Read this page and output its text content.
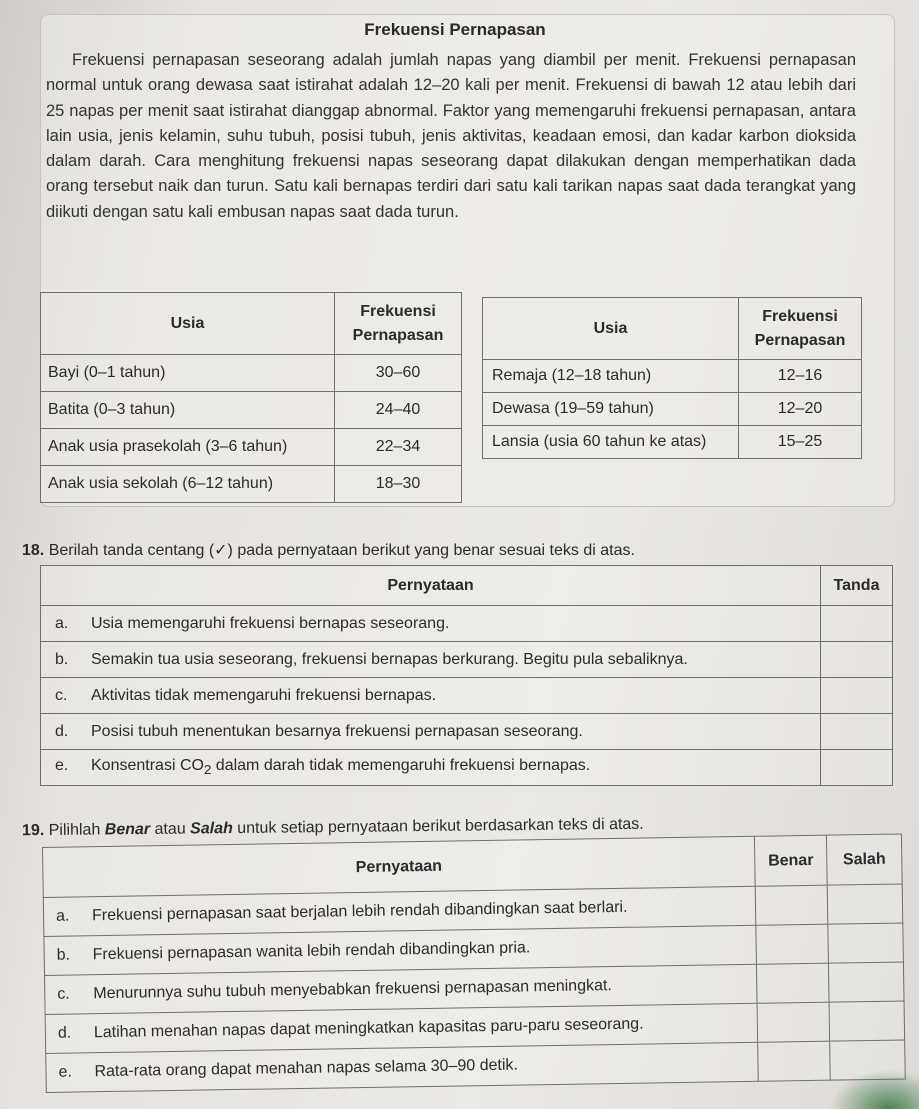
Frekuensi Pernapasan

Frekuensi pernapasan seseorang adalah jumlah napas yang diambil per menit. Frekuensi pernapasan normal untuk orang dewasa saat istirahat adalah 12–20 kali per menit. Frekuensi di bawah 12 atau lebih dari 25 napas per menit saat istirahat dianggap abnormal. Faktor yang memengaruhi frekuensi pernapasan, antara lain usia, jenis kelamin, suhu tubuh, posisi tubuh, jenis aktivitas, keadaan emosi, dan kadar karbon dioksida dalam darah. Cara menghitung frekuensi napas seseorang dapat dilakukan dengan memperhatikan dada orang tersebut naik dan turun. Satu kali bernapas terdiri dari satu kali tarikan napas saat dada terangkat yang diikuti dengan satu kali embusan napas saat dada turun.

Usia	Frekuensi
Pernapasan
Bayi (0–1 tahun)	30–60
Batita (0–3 tahun)	24–40
Anak usia prasekolah (3–6 tahun)	22–34
Anak usia sekolah (6–12 tahun)	18–30
Usia	Frekuensi
Pernapasan
Remaja (12–18 tahun)	12–16
Dewasa (19–59 tahun)	12–20
Lansia (usia 60 tahun ke atas)	15–25
18. Berilah tanda centang (✓) pada pernyataan berikut yang benar sesuai teks di atas.
Pernyataan	Tanda
a. Usia memengaruhi frekuensi bernapas seseorang.	
b. Semakin tua usia seseorang, frekuensi bernapas berkurang. Begitu pula sebaliknya.	
c. Aktivitas tidak memengaruhi frekuensi bernapas.	
d. Posisi tubuh menentukan besarnya frekuensi pernapasan seseorang.	
e. Konsentrasi $CO_2$ dalam darah tidak memengaruhi frekuensi bernapas.	
19. Pilihlah Benar atau Salah untuk setiap pernyataan berikut berdasarkan teks di atas.
Pernyataan	Benar	Salah
a. Frekuensi pernapasan saat berjalan lebih rendah dibandingkan saat berlari.		
b. Frekuensi pernapasan wanita lebih rendah dibandingkan pria.		
c. Menurunnya suhu tubuh menyebabkan frekuensi pernapasan meningkat.		
d. Latihan menahan napas dapat meningkatkan kapasitas paru-paru seseorang.		
e. Rata-rata orang dapat menahan napas selama 30–90 detik.		
